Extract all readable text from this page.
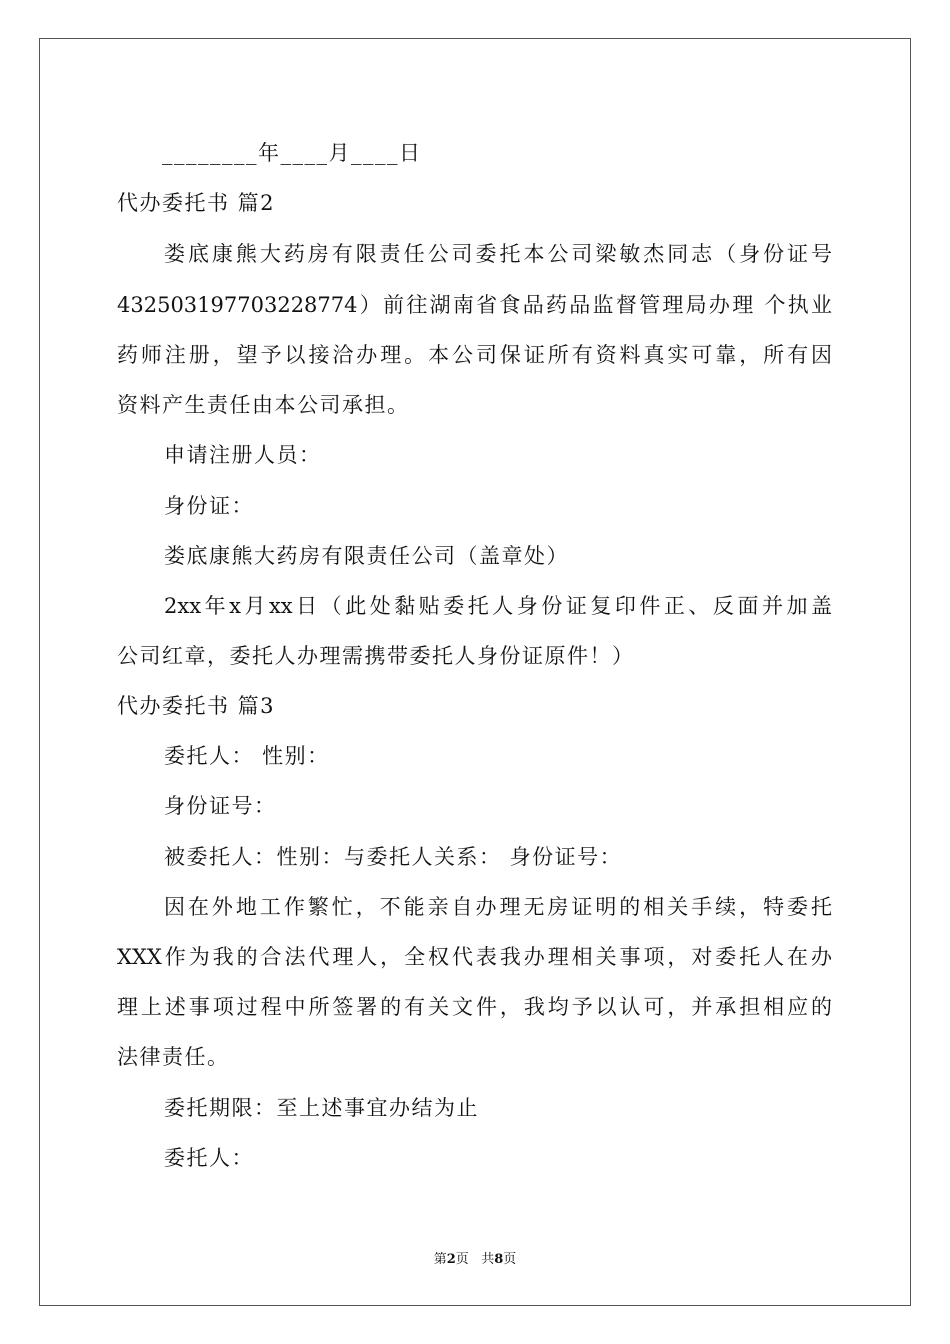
________年____月____日
代办委托书 篇2
娄底康熊大药房有限责任公司委托本公司梁敏杰同志（身份证号
432503197703228774）前往湖南省食品药品监督管理局办理 个执业
药师注册，望予以接洽办理。本公司保证所有资料真实可靠，所有因
资料产生责任由本公司承担。
申请注册人员：
身份证：
娄底康熊大药房有限责任公司（盖章处）
2xx年x月xx日（此处黏贴委托人身份证复印件正、反面并加盖
公司红章，委托人办理需携带委托人身份证原件！）
代办委托书 篇3
委托人： 性别：
身份证号：
被委托人：性别：与委托人关系： 身份证号：
因在外地工作繁忙，不能亲自办理无房证明的相关手续，特委托
XXX作为我的合法代理人，全权代表我办理相关事项，对委托人在办
理上述事项过程中所签署的有关文件，我均予以认可，并承担相应的
法律责任。
委托期限：至上述事宜办结为止
委托人：
第2页 共8页
